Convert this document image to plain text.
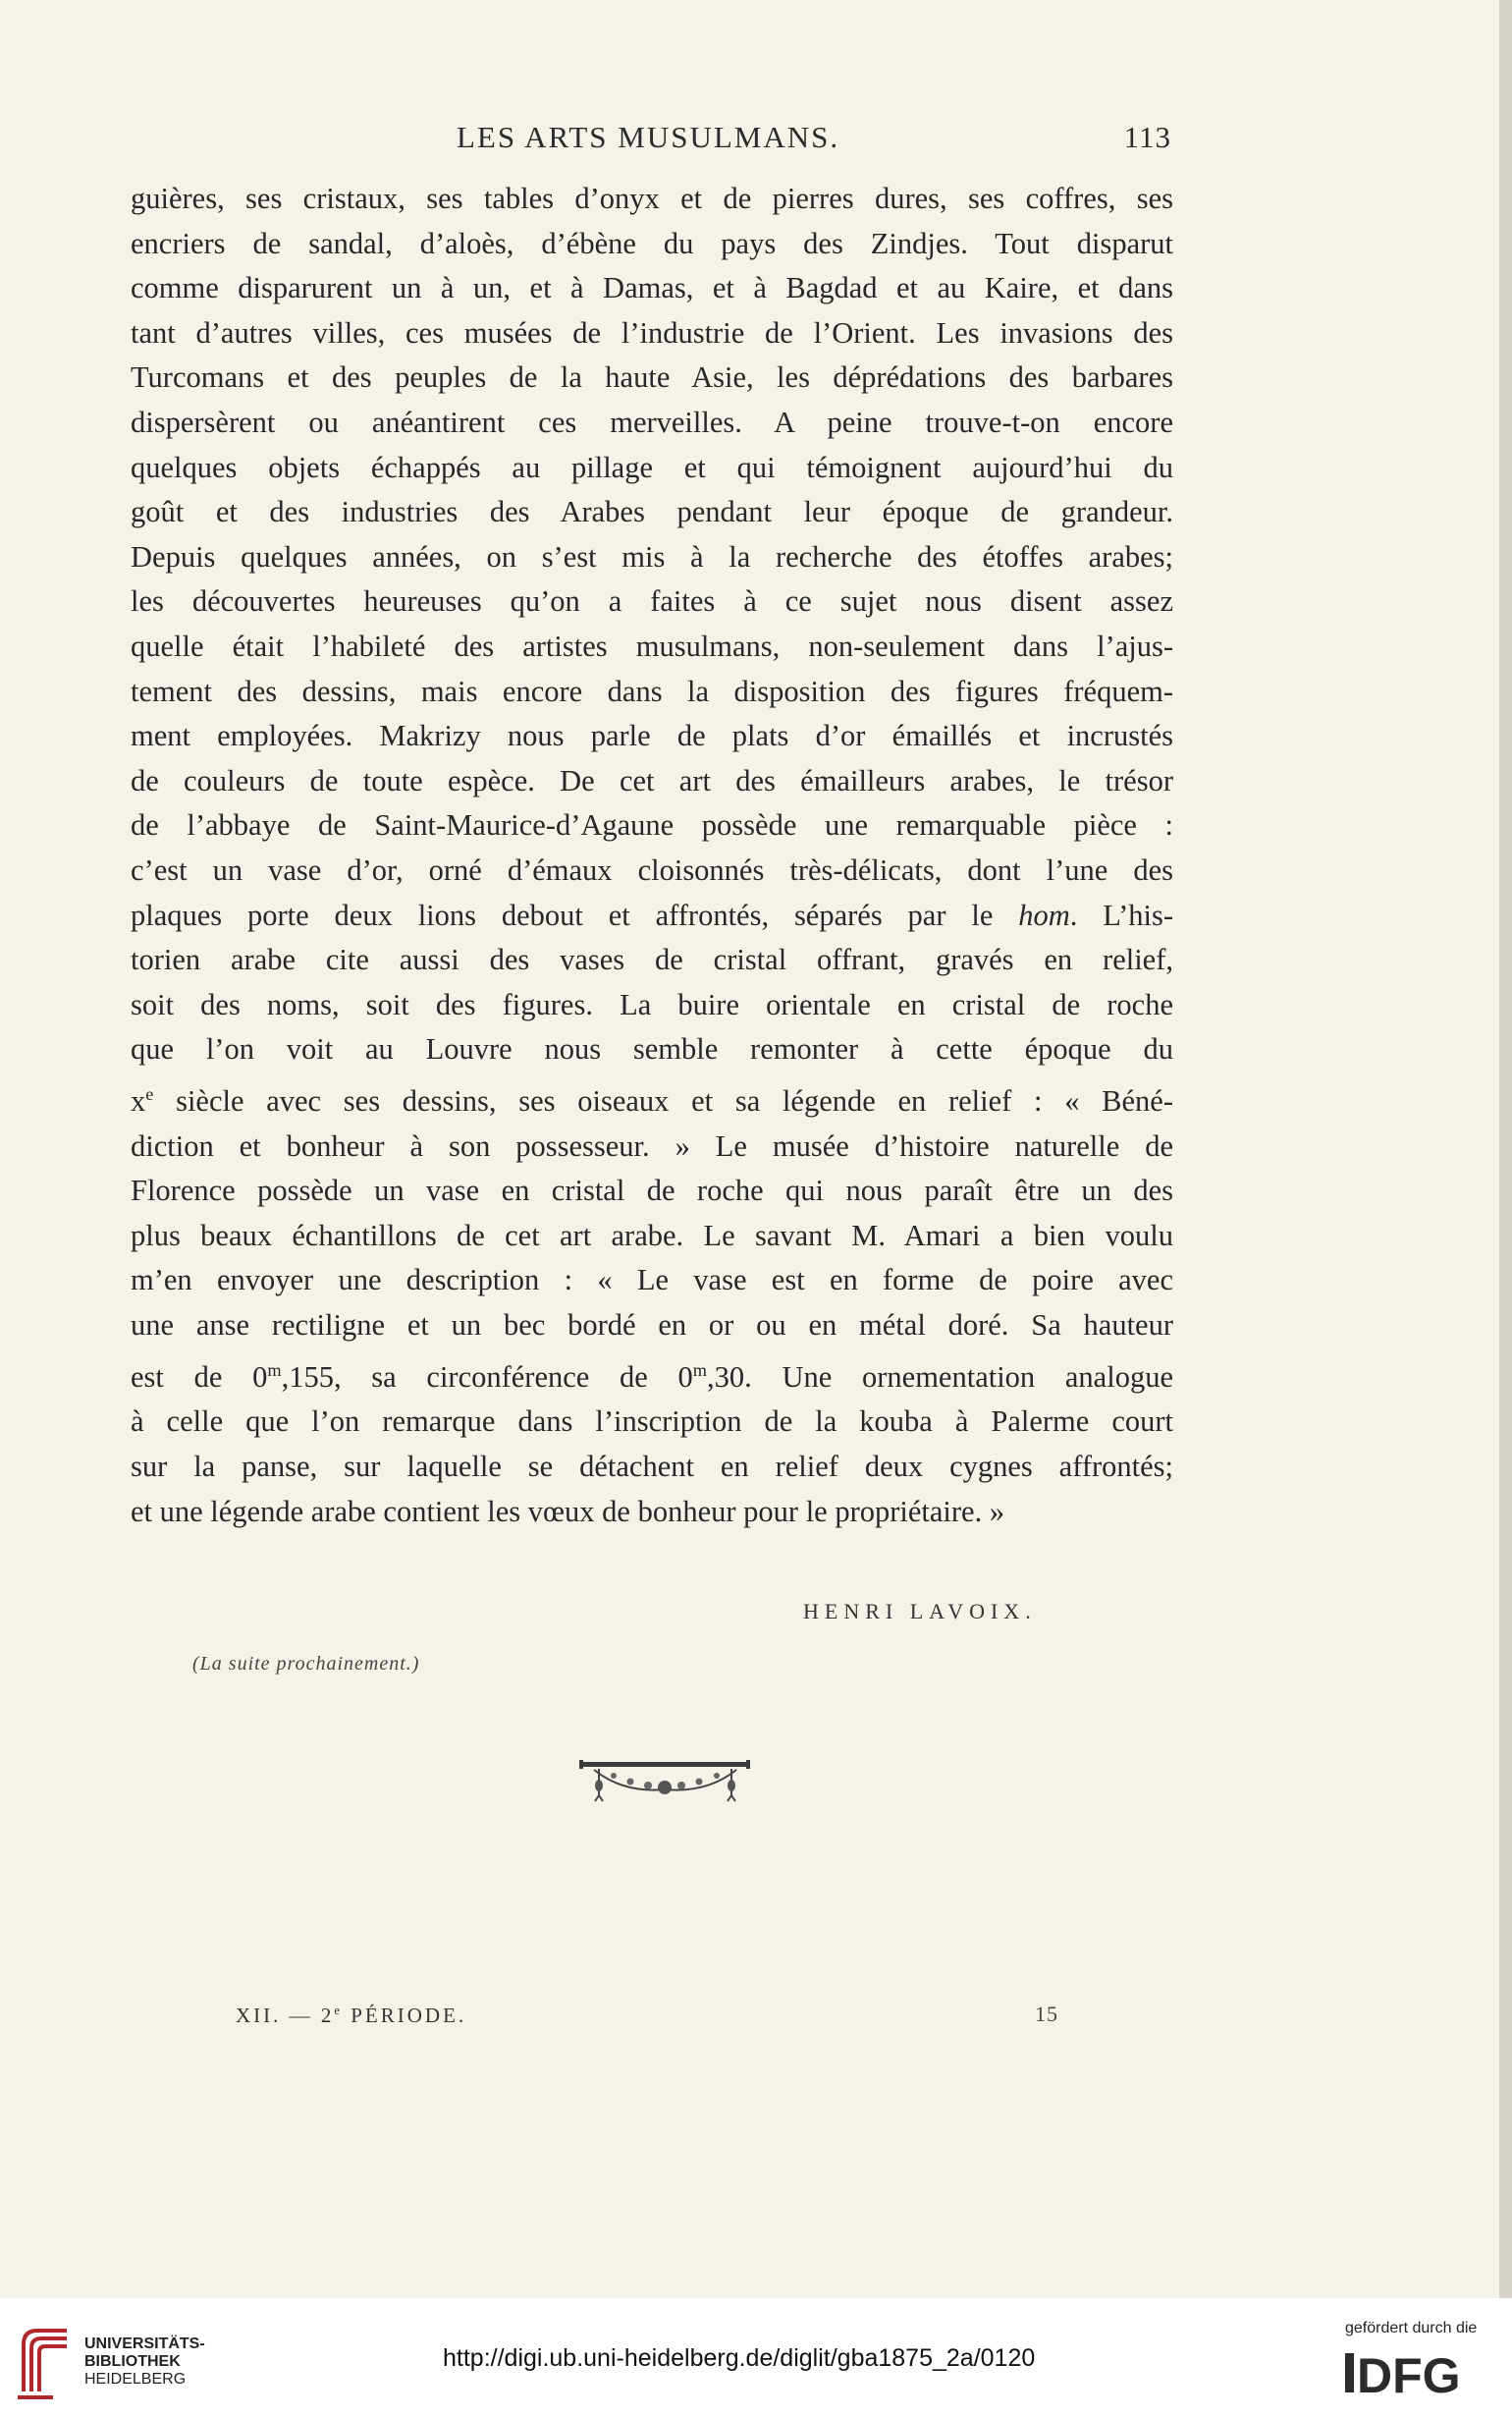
LES ARTS MUSULMANS.	113

guières, ses cristaux, ses tables d’onyx et de pierres dures, ses coffres, ses

encriers de sandal, d’aloès, d’ébène du pays des Zindjes. Tout disparut

comme disparurent un à un, et à Damas, et à Bagdad et au Kaire, et dans

tant d’autres villes, ces musées de l’industrie de l’Orient. Les invasions des

Turcomans et des peuples de la haute Asie, les déprédations des barbares

dispersèrent ou anéantirent ces merveilles. A peine trouve-t-on encore

quelques objets échappés au pillage et qui témoignent aujourd’hui du

goût et des industries des Arabes pendant leur époque de grandeur.

Depuis quelques années, on s’est mis à la recherche des étoffes arabes;

les découvertes heureuses qu’on a faites à ce sujet nous disent assez

quelle était l’habileté des artistes musulmans, non-seulement dans l’ajus-

tement des dessins, mais encore dans la disposition des figures fréquem-

ment employées. Makrizy nous parle de plats d’or émaillés et incrustés

de couleurs de toute espèce. De cet art des émailleurs arabes, le trésor

de l’abbaye de Saint-Maurice-d’Agaune possède une remarquable pièce :

c’est un vase d’or, orné d’émaux cloisonnés très-délicats, dont l’une des

plaques porte deux lions debout et affrontés, séparés par le hom. L’his-

torien arabe cite aussi des vases de cristal offrant, gravés en relief,

soit des noms, soit des figures. La buire orientale en cristal de roche

que l’on voit au Louvre nous semble remonter à cette époque du

$x^e$ siècle avec ses dessins, ses oiseaux et sa légende en relief : « Béné-

diction et bonheur à son possesseur. » Le musée d’histoire naturelle de

Florence possède un vase en cristal de roche qui nous paraît être un des

plus beaux échantillons de cet art arabe. Le savant M. Amari a bien voulu

m’en envoyer une description : « Le vase est en forme de poire avec

une anse rectiligne et un bec bordé en or ou en métal doré. Sa hauteur

est de 0$^m$,155, sa circonférence de 0$^m$,30. Une ornementation analogue

à celle que l’on remarque dans l’inscription de la kouba à Palerme court

sur la panse, sur laquelle se détachent en relief deux cygnes affrontés;

et une légende arabe contient les vœux de bonheur pour le propriétaire. »

HENRI LAVOIX.
(La suite prochainement.)
XII. — 2e PÉRIODE.	15
UNIVERSITÄTS-
BIBLIOTHEK
HEIDELBERG
http://digi.ub.uni-heidelberg.de/diglit/gba1875_2a/0120
gefördert durch die
DFG
